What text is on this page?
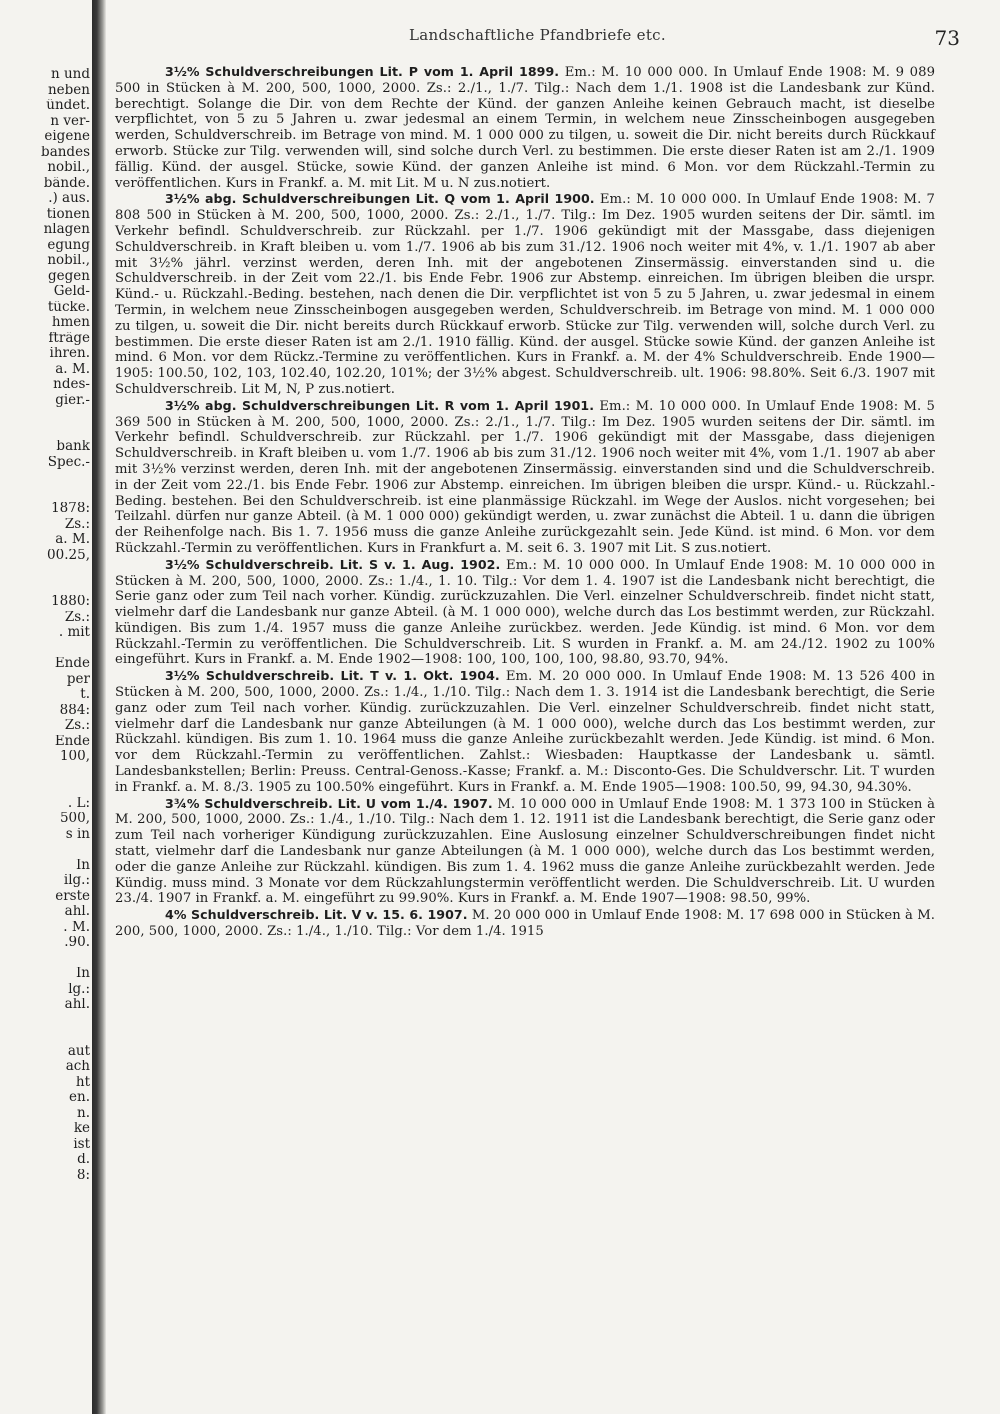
n und
neben
ündet.
n ver-
eigene
bandes
nobil.,
bände.
.) aus.
tionen
nlagen
egung
nobil.,
gegen
Geld-
tücke.
hmen
fträge
ihren.
a. M.
ndes-
gier.-
bank
Spec.-
1878:
Zs.:
a. M.
00.25,
1880:
Zs.:
. mit
Ende
per
t.
884:
Zs.:
Ende
100,
. L:
500,
s in
In
ilg.:
erste
ahl.
. M.
.90.
In
lg.:
ahl.
aut
ach
ht
en.
n.
ke
ist
d.
8:
Landschaftliche Pfandbriefe etc.	73

3½% Schuldverschreibungen Lit. P vom 1. April 1899. Em.: M. 10 000 000. In Umlauf Ende 1908: M. 9 089 500 in Stücken à M. 200, 500, 1000, 2000. Zs.: 2./1., 1./7. Tilg.: Nach dem 1./1. 1908 ist die Landesbank zur Künd. berechtigt. Solange die Dir. von dem Rechte der Künd. der ganzen Anleihe keinen Gebrauch macht, ist dieselbe verpflichtet, von 5 zu 5 Jahren u. zwar jedesmal an einem Termin, in welchem neue Zinsscheinbogen ausgegeben werden, Schuldverschreib. im Betrage von mind. M. 1 000 000 zu tilgen, u. soweit die Dir. nicht bereits durch Rückkauf erworb. Stücke zur Tilg. verwenden will, sind solche durch Verl. zu bestimmen. Die erste dieser Raten ist am 2./1. 1909 fällig. Künd. der ausgel. Stücke, sowie Künd. der ganzen Anleihe ist mind. 6 Mon. vor dem Rückzahl.-Termin zu veröffentlichen. Kurs in Frankf. a. M. mit Lit. M u. N zus.notiert.

3½% abg. Schuldverschreibungen Lit. Q vom 1. April 1900. Em.: M. 10 000 000. In Umlauf Ende 1908: M. 7 808 500 in Stücken à M. 200, 500, 1000, 2000. Zs.: 2./1., 1./7. Tilg.: Im Dez. 1905 wurden seitens der Dir. sämtl. im Verkehr befindl. Schuldverschreib. zur Rückzahl. per 1./7. 1906 gekündigt mit der Massgabe, dass diejenigen Schuldverschreib. in Kraft bleiben u. vom 1./7. 1906 ab bis zum 31./12. 1906 noch weiter mit 4%, v. 1./1. 1907 ab aber mit 3½% jährl. verzinst werden, deren Inh. mit der angebotenen Zinsermässig. einverstanden sind u. die Schuldverschreib. in der Zeit vom 22./1. bis Ende Febr. 1906 zur Abstemp. einreichen. Im übrigen bleiben die urspr. Künd.- u. Rückzahl.-Beding. bestehen, nach denen die Dir. verpflichtet ist von 5 zu 5 Jahren, u. zwar jedesmal in einem Termin, in welchem neue Zinsscheinbogen ausgegeben werden, Schuldverschreib. im Betrage von mind. M. 1 000 000 zu tilgen, u. soweit die Dir. nicht bereits durch Rückkauf erworb. Stücke zur Tilg. verwenden will, solche durch Verl. zu bestimmen. Die erste dieser Raten ist am 2./1. 1910 fällig. Künd. der ausgel. Stücke sowie Künd. der ganzen Anleihe ist mind. 6 Mon. vor dem Rückz.-Termine zu veröffentlichen. Kurs in Frankf. a. M. der 4% Schuldverschreib. Ende 1900—1905: 100.50, 102, 103, 102.40, 102.20, 101%; der 3½% abgest. Schuldverschreib. ult. 1906: 98.80%. Seit 6./3. 1907 mit Schuldverschreib. Lit M, N, P zus.notiert.

3½% abg. Schuldverschreibungen Lit. R vom 1. April 1901. Em.: M. 10 000 000. In Umlauf Ende 1908: M. 5 369 500 in Stücken à M. 200, 500, 1000, 2000. Zs.: 2./1., 1./7. Tilg.: Im Dez. 1905 wurden seitens der Dir. sämtl. im Verkehr befindl. Schuldverschreib. zur Rückzahl. per 1./7. 1906 gekündigt mit der Massgabe, dass diejenigen Schuldverschreib. in Kraft bleiben u. vom 1./7. 1906 ab bis zum 31./12. 1906 noch weiter mit 4%, vom 1./1. 1907 ab aber mit 3½% verzinst werden, deren Inh. mit der angebotenen Zinsermässig. einverstanden sind und die Schuldverschreib. in der Zeit vom 22./1. bis Ende Febr. 1906 zur Abstemp. einreichen. Im übrigen bleiben die urspr. Künd.- u. Rückzahl.-Beding. bestehen. Bei den Schuldverschreib. ist eine planmässige Rückzahl. im Wege der Auslos. nicht vorgesehen; bei Teilzahl. dürfen nur ganze Abteil. (à M. 1 000 000) gekündigt werden, u. zwar zunächst die Abteil. 1 u. dann die übrigen der Reihenfolge nach. Bis 1. 7. 1956 muss die ganze Anleihe zurückgezahlt sein. Jede Künd. ist mind. 6 Mon. vor dem Rückzahl.-Termin zu veröffentlichen. Kurs in Frankfurt a. M. seit 6. 3. 1907 mit Lit. S zus.notiert.

3½% Schuldverschreib. Lit. S v. 1. Aug. 1902. Em.: M. 10 000 000. In Umlauf Ende 1908: M. 10 000 000 in Stücken à M. 200, 500, 1000, 2000. Zs.: 1./4., 1. 10. Tilg.: Vor dem 1. 4. 1907 ist die Landesbank nicht berechtigt, die Serie ganz oder zum Teil nach vorher. Kündig. zurückzuzahlen. Die Verl. einzelner Schuldverschreib. findet nicht statt, vielmehr darf die Landesbank nur ganze Abteil. (à M. 1 000 000), welche durch das Los bestimmt werden, zur Rückzahl. kündigen. Bis zum 1./4. 1957 muss die ganze Anleihe zurückbez. werden. Jede Kündig. ist mind. 6 Mon. vor dem Rückzahl.-Termin zu veröffentlichen. Die Schuldverschreib. Lit. S wurden in Frankf. a. M. am 24./12. 1902 zu 100% eingeführt. Kurs in Frankf. a. M. Ende 1902—1908: 100, 100, 100, 100, 98.80, 93.70, 94%.

3½% Schuldverschreib. Lit. T v. 1. Okt. 1904. Em. M. 20 000 000. In Umlauf Ende 1908: M. 13 526 400 in Stücken à M. 200, 500, 1000, 2000. Zs.: 1./4., 1./10. Tilg.: Nach dem 1. 3. 1914 ist die Landesbank berechtigt, die Serie ganz oder zum Teil nach vorher. Kündig. zurückzuzahlen. Die Verl. einzelner Schuldverschreib. findet nicht statt, vielmehr darf die Landesbank nur ganze Abteilungen (à M. 1 000 000), welche durch das Los bestimmt werden, zur Rückzahl. kündigen. Bis zum 1. 10. 1964 muss die ganze Anleihe zurückbezahlt werden. Jede Kündig. ist mind. 6 Mon. vor dem Rückzahl.-Termin zu veröffentlichen. Zahlst.: Wiesbaden: Hauptkasse der Landesbank u. sämtl. Landesbankstellen; Berlin: Preuss. Central-Genoss.-Kasse; Frankf. a. M.: Disconto-Ges. Die Schuldverschr. Lit. T wurden in Frankf. a. M. 8./3. 1905 zu 100.50% eingeführt. Kurs in Frankf. a. M. Ende 1905—1908: 100.50, 99, 94.30, 94.30%.

3¾% Schuldverschreib. Lit. U vom 1./4. 1907. M. 10 000 000 in Umlauf Ende 1908: M. 1 373 100 in Stücken à M. 200, 500, 1000, 2000. Zs.: 1./4., 1./10. Tilg.: Nach dem 1. 12. 1911 ist die Landesbank berechtigt, die Serie ganz oder zum Teil nach vorheriger Kündigung zurückzuzahlen. Eine Auslosung einzelner Schuldverschreibungen findet nicht statt, vielmehr darf die Landesbank nur ganze Abteilungen (à M. 1 000 000), welche durch das Los bestimmt werden, oder die ganze Anleihe zur Rückzahl. kündigen. Bis zum 1. 4. 1962 muss die ganze Anleihe zurückbezahlt werden. Jede Kündig. muss mind. 3 Monate vor dem Rückzahlungstermin veröffentlicht werden. Die Schuldverschreib. Lit. U wurden 23./4. 1907 in Frankf. a. M. eingeführt zu 99.90%. Kurs in Frankf. a. M. Ende 1907—1908: 98.50, 99%.

4% Schuldverschreib. Lit. V v. 15. 6. 1907. M. 20 000 000 in Umlauf Ende 1908: M. 17 698 000 in Stücken à M. 200, 500, 1000, 2000. Zs.: 1./4., 1./10. Tilg.: Vor dem 1./4. 1915
